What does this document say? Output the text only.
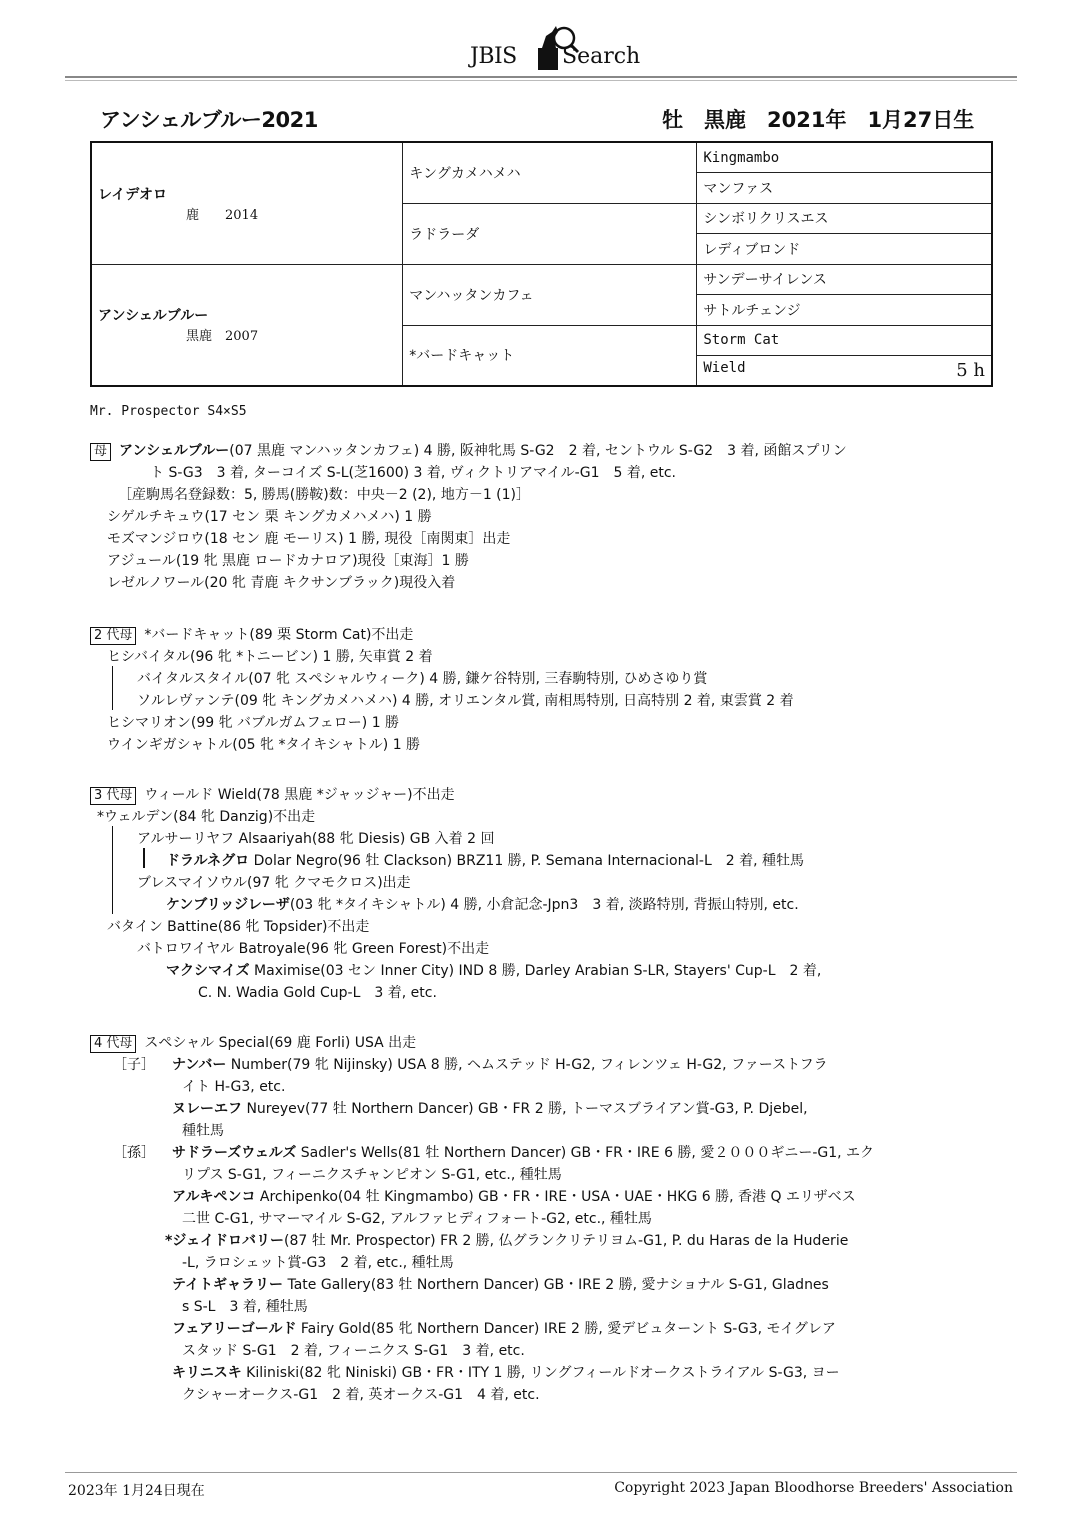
JBIS Search
アンシェルブルー2021	牡　黒鹿　2021年　1月27日生
レイデオロ
鹿　　2014	キングカメハメハ	Kingmambo
		マンファス
	ラドラーダ	シンボリクリスエス
		レディブロンド

アンシェルブルー
黒鹿　2007	マンハッタンカフェ	サンデーサイレンス
		サトルチェンジ
	*バードキャット	Storm Cat

		Wield 5 h
Mr. Prospector S4×S5
母 アンシェルブルー(07 黒鹿 マンハッタンカフェ) 4 勝, 阪神牝馬 S-G2　2 着, セントウル S-G2　3 着, 函館スプリン
ト S-G3　3 着, ターコイズ S-L(芝1600) 3 着, ヴィクトリアマイル-G1　5 着, etc.
［産駒馬名登録数：5, 勝馬(勝鞍)数：中央－2 (2), 地方－1 (1)］
シゲルチキュウ(17 セン 栗 キングカメハメハ) 1 勝
モズマンジロウ(18 セン 鹿 モーリス) 1 勝, 現役［南関東］出走
アジュール(19 牝 黒鹿 ロードカナロア)現役［東海］1 勝
レゼルノワール(20 牝 青鹿 キクサンブラック)現役入着
2 代母 *バードキャット(89 栗 Storm Cat)不出走
ヒシバイタル(96 牝 *トニービン) 1 勝, 矢車賞 2 着
バイタルスタイル(07 牝 スペシャルウィーク) 4 勝, 鎌ケ谷特別, 三春駒特別, ひめさゆり賞
ソルレヴァンテ(09 牝 キングカメハメハ) 4 勝, オリエンタル賞, 南相馬特別, 日高特別 2 着, 東雲賞 2 着
ヒシマリオン(99 牝 バブルガムフェロー) 1 勝
ウインギガシャトル(05 牝 *タイキシャトル) 1 勝
3 代母 ウィールド Wield(78 黒鹿 *ジャッジャー)不出走
*ウェルデン(84 牝 Danzig)不出走
アルサーリヤフ Alsaariyah(88 牝 Diesis) GB 入着 2 回
ドラルネグロ Dolar Negro(96 牡 Clackson) BRZ11 勝, P. Semana Internacional-L　2 着, 種牡馬
ブレスマイソウル(97 牝 クマモクロス)出走
ケンブリッジレーザ(03 牝 *タイキシャトル) 4 勝, 小倉記念-Jpn3　3 着, 淡路特別, 背振山特別, etc.
バタイン Battine(86 牝 Topsider)不出走
バトロワイヤル Batroyale(96 牝 Green Forest)不出走
マクシマイズ Maximise(03 セン Inner City) IND 8 勝, Darley Arabian S-LR, Stayers' Cup-L　2 着,
C. N. Wadia Gold Cup-L　3 着, etc.
4 代母 スペシャル Special(69 鹿 Forli) USA 出走
［子］
［孫］
ナンバー Number(79 牝 Nijinsky) USA 8 勝, ヘムステッド H-G2, フィレンツェ H-G2, ファーストフラ
イト H-G3, etc.
ヌレーエフ Nureyev(77 牡 Northern Dancer) GB・FR 2 勝, トーマスブライアン賞-G3, P. Djebel,
種牡馬
サドラーズウェルズ Sadler's Wells(81 牡 Northern Dancer) GB・FR・IRE 6 勝, 愛２０００ギニー-G1, エク
リプス S-G1, フィーニクスチャンピオン S-G1, etc., 種牡馬
アルキペンコ Archipenko(04 牡 Kingmambo) GB・FR・IRE・USA・UAE・HKG 6 勝, 香港 Q エリザベス
二世 C-G1, サマーマイル S-G2, アルファヒディフォート-G2, etc., 種牡馬
*ジェイドロバリー(87 牡 Mr. Prospector) FR 2 勝, 仏グランクリテリヨム-G1, P. du Haras de la Huderie
-L, ラロシェット賞-G3　2 着, etc., 種牡馬
テイトギャラリー Tate Gallery(83 牡 Northern Dancer) GB・IRE 2 勝, 愛ナショナル S-G1, Gladnes
s S-L　3 着, 種牡馬
フェアリーゴールド Fairy Gold(85 牝 Northern Dancer) IRE 2 勝, 愛デビュターント S-G3, モイグレア
スタッド S-G1　2 着, フィーニクス S-G1　3 着, etc.
キリニスキ Kiliniski(82 牝 Niniski) GB・FR・ITY 1 勝, リングフィールドオークストライアル S-G3, ヨー
クシャーオークス-G1　2 着, 英オークス-G1　4 着, etc.
2023年 1月24日現在	Copyright 2023 Japan Bloodhorse Breeders' Association
